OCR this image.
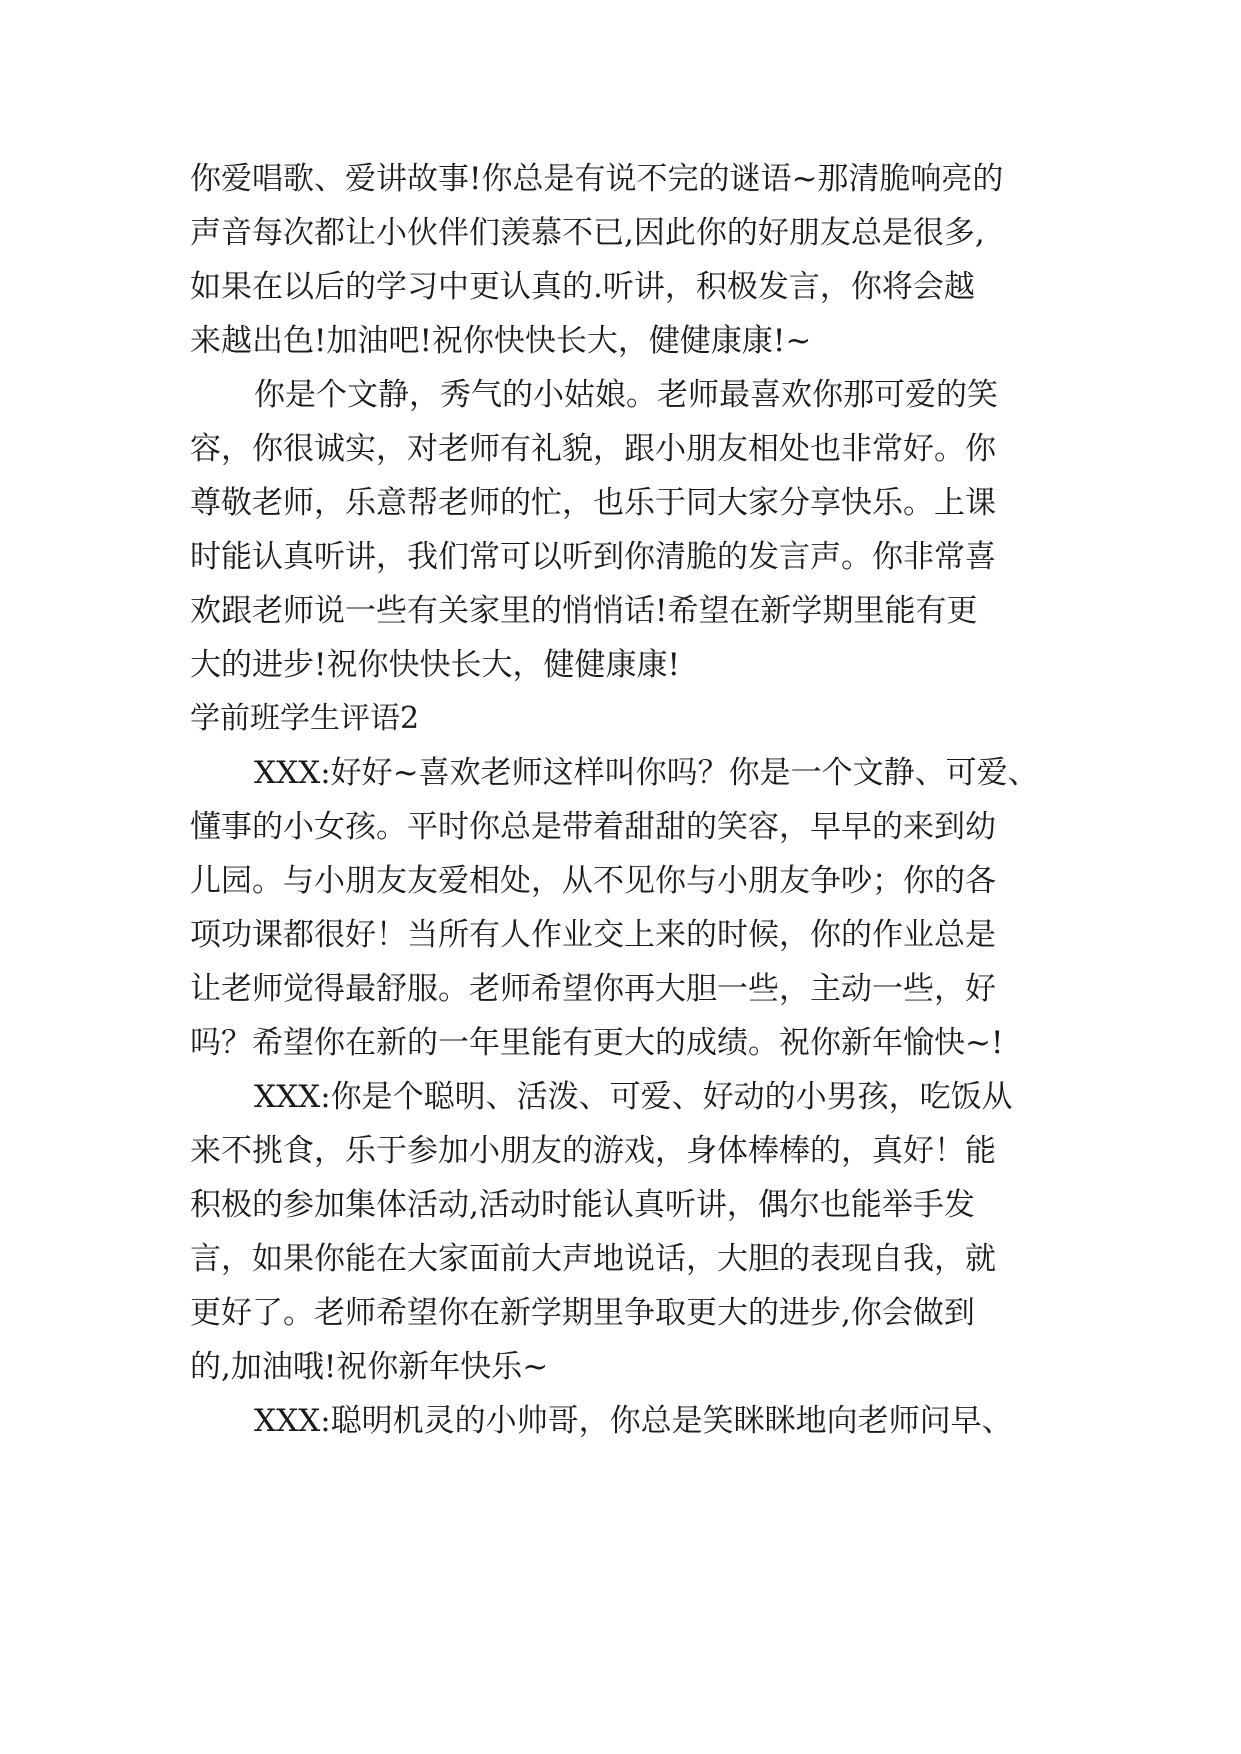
你爱唱歌、爱讲故事!你总是有说不完的谜语~那清脆响亮的
声音每次都让小伙伴们羡慕不已,因此你的好朋友总是很多,
如果在以后的学习中更认真的.听讲，积极发言，你将会越
来越出色!加油吧!祝你快快长大，健健康康!~
你是个文静，秀气的小姑娘。老师最喜欢你那可爱的笑
容，你很诚实，对老师有礼貌，跟小朋友相处也非常好。你
尊敬老师，乐意帮老师的忙，也乐于同大家分享快乐。上课
时能认真听讲，我们常可以听到你清脆的发言声。你非常喜
欢跟老师说一些有关家里的悄悄话!希望在新学期里能有更
大的进步!祝你快快长大，健健康康!
学前班学生评语2
XXX:好好~喜欢老师这样叫你吗？你是一个文静、可爱、
懂事的小女孩。平时你总是带着甜甜的笑容，早早的来到幼
儿园。与小朋友友爱相处，从不见你与小朋友争吵；你的各
项功课都很好！当所有人作业交上来的时候，你的作业总是
让老师觉得最舒服。老师希望你再大胆一些，主动一些，好
吗？希望你在新的一年里能有更大的成绩。祝你新年愉快~!
XXX:你是个聪明、活泼、可爱、好动的小男孩，吃饭从
来不挑食，乐于参加小朋友的游戏，身体棒棒的，真好！能
积极的参加集体活动,活动时能认真听讲，偶尔也能举手发
言，如果你能在大家面前大声地说话，大胆的表现自我，就
更好了。老师希望你在新学期里争取更大的进步,你会做到
的,加油哦!祝你新年快乐~
XXX:聪明机灵的小帅哥，你总是笑眯眯地向老师问早、
